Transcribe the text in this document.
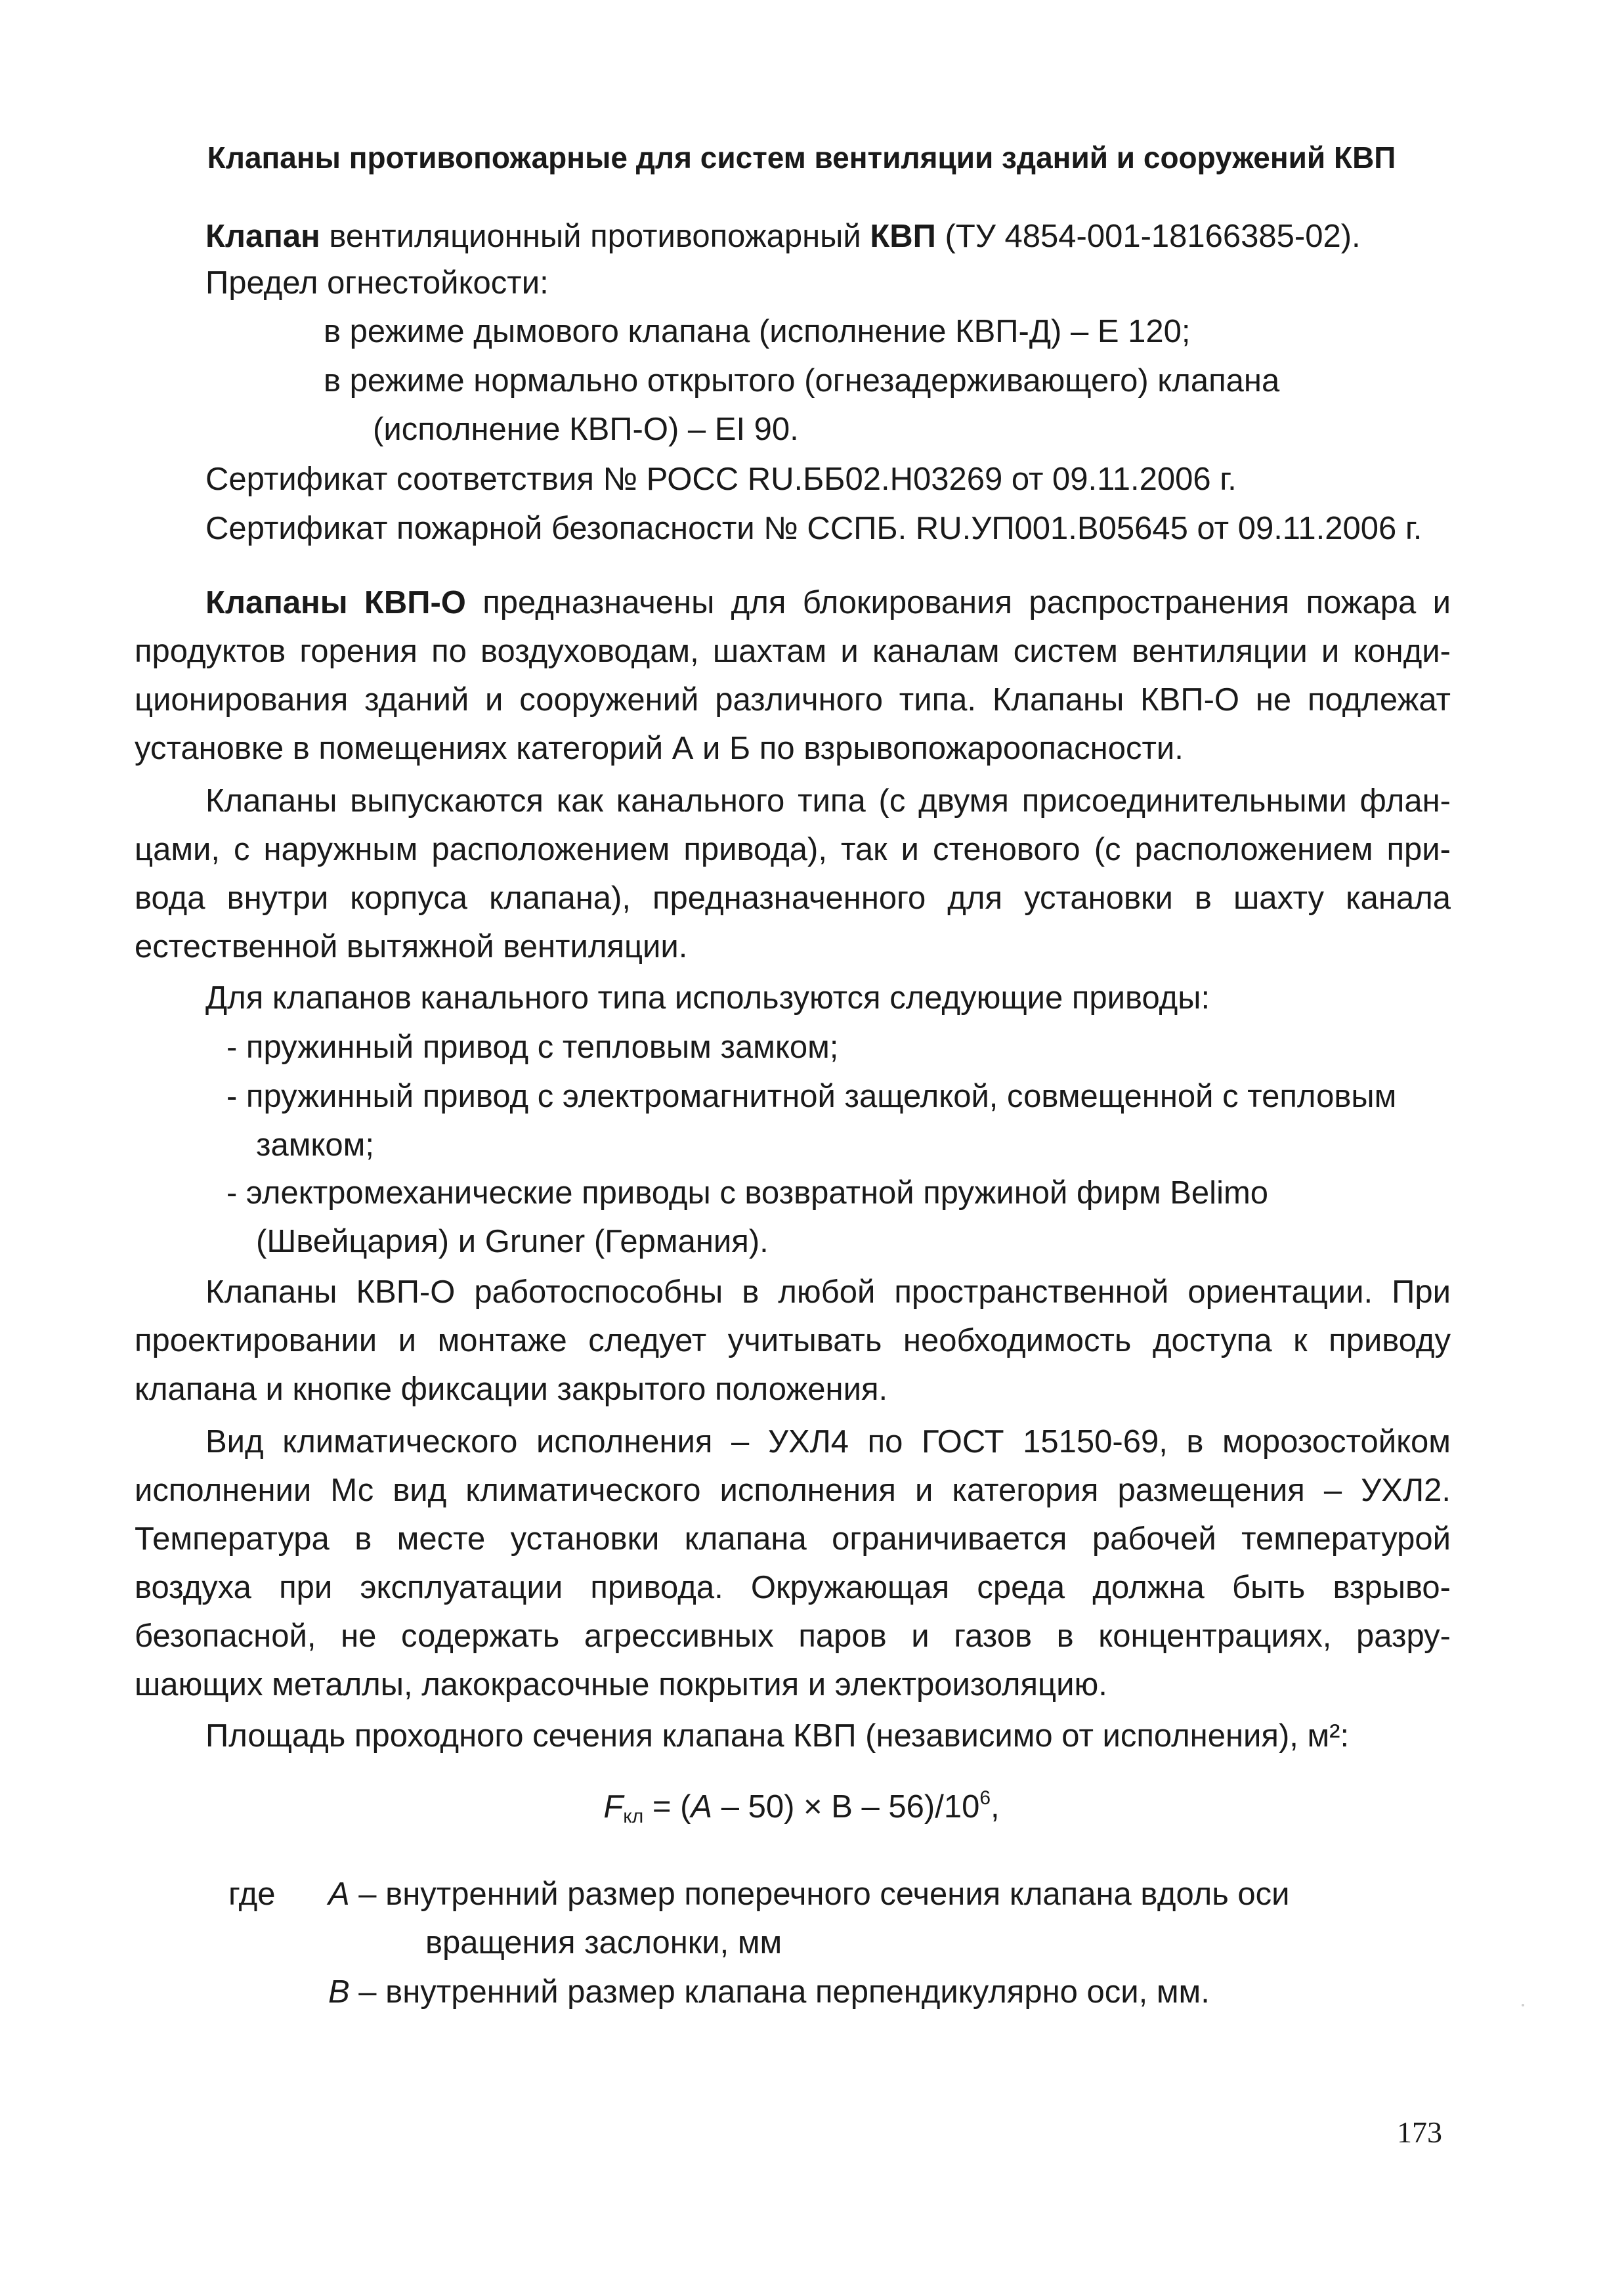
Клапаны противопожарные для систем вентиляции зданий и сооружений КВП
Клапан вентиляционный противопожарный КВП (ТУ 4854-001-18166385-02).
Предел огнестойкости:
в режиме дымового клапана (исполнение КВП-Д) – Е 120;
в режиме нормально открытого (огнезадерживающего) клапана
(исполнение КВП-О) – EI 90.
Сертификат соответствия № РОСС RU.ББ02.Н03269 от 09.11.2006 г.
Сертификат пожарной безопасности № ССПБ. RU.УП001.В05645 от 09.11.2006 г.
Клапаны КВП-О предназначены для блокирования распространения пожара и
продуктов горения по воздуховодам, шахтам и каналам систем вентиляции и конди-
ционирования зданий и сооружений различного типа. Клапаны КВП-О не подлежат
установке в помещениях категорий А и Б по взрывопожароопасности.
Клапаны выпускаются как канального типа (с двумя присоединительными флан-
цами, с наружным расположением привода), так и стенового (с расположением при-
вода внутри корпуса клапана), предназначенного для установки в шахту канала
естественной вытяжной вентиляции.
Для клапанов канального типа используются следующие приводы:
- пружинный привод с тепловым замком;
- пружинный привод с электромагнитной защелкой, совмещенной с тепловым
замком;
- электромеханические приводы с возвратной пружиной фирм Belimo
(Швейцария) и Gruner (Германия).
Клапаны КВП-О работоспособны в любой пространственной ориентации. При
проектировании и монтаже следует учитывать необходимость доступа к приводу
клапана и кнопке фиксации закрытого положения.
Вид климатического исполнения – УХЛ4 по ГОСТ 15150-69, в морозостойком
исполнении Мс вид климатического исполнения и категория размещения – УХЛ2.
Температура в месте установки клапана ограничивается рабочей температурой
воздуха при эксплуатации привода. Окружающая среда должна быть взрыво-
безопасной, не содержать агрессивных паров и газов в концентрациях, разру-
шающих металлы, лакокрасочные покрытия и электроизоляцию.
Площадь проходного сечения клапана КВП (независимо от исполнения), м²:
$F_{кл} = (A - 50) \times B - 56)/10^6$,
где A – внутренний размер поперечного сечения клапана вдоль оси
вращения заслонки, мм
B – внутренний размер клапана перпендикулярно оси, мм.
173
